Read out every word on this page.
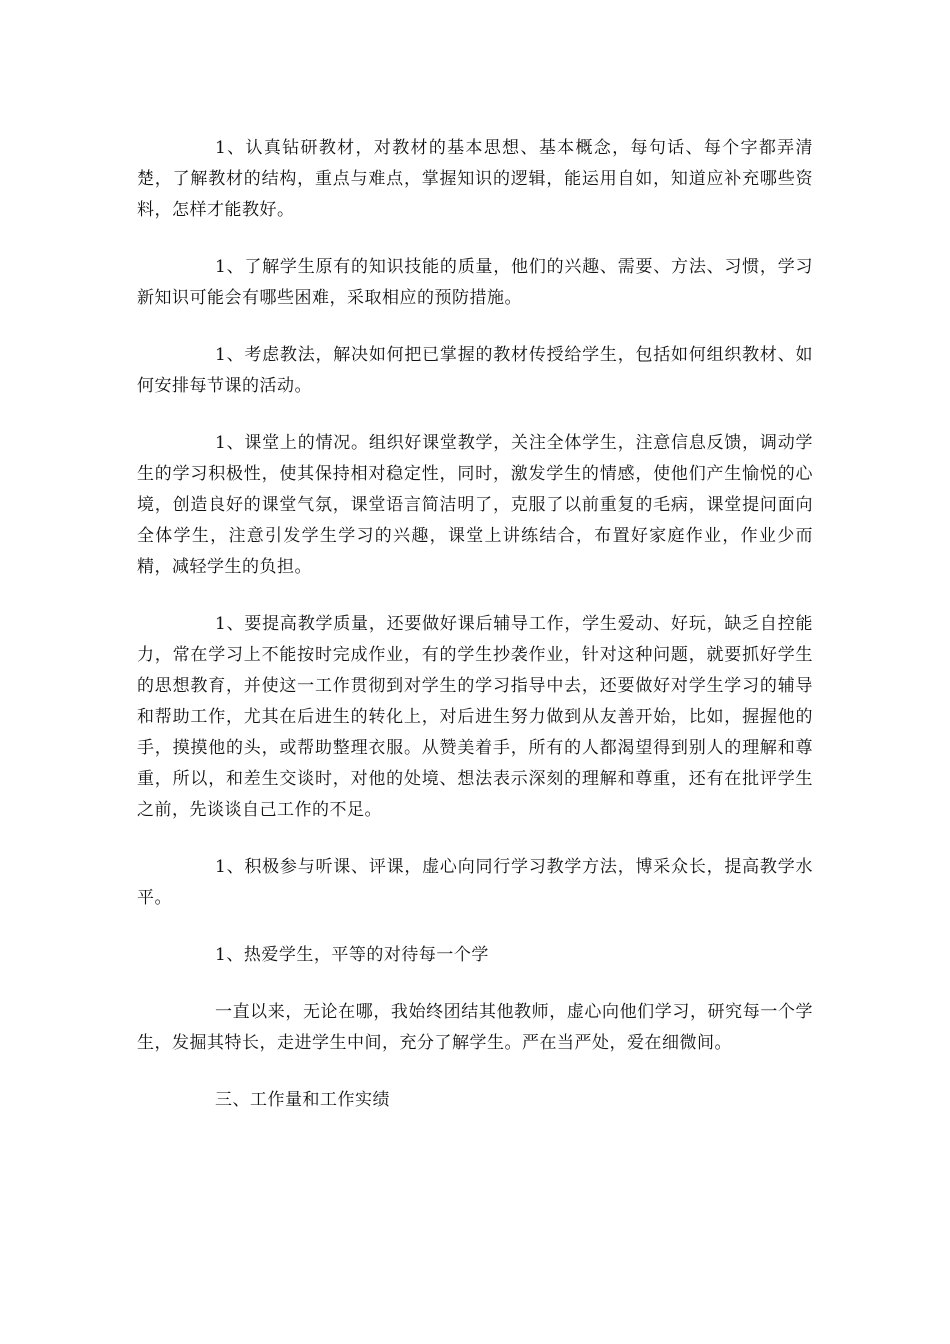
1、认真钻研教材，对教材的基本思想、基本概念，每句话、每个字都弄清楚，了解教材的结构，重点与难点，掌握知识的逻辑，能运用自如，知道应补充哪些资料，怎样才能教好。

1、了解学生原有的知识技能的质量，他们的兴趣、需要、方法、习惯，学习新知识可能会有哪些困难，采取相应的预防措施。

1、考虑教法，解决如何把已掌握的教材传授给学生，包括如何组织教材、如何安排每节课的活动。

1、课堂上的情况。组织好课堂教学，关注全体学生，注意信息反馈，调动学生的学习积极性，使其保持相对稳定性，同时，激发学生的情感，使他们产生愉悦的心境，创造良好的课堂气氛，课堂语言简洁明了，克服了以前重复的毛病，课堂提问面向全体学生，注意引发学生学习的兴趣，课堂上讲练结合，布置好家庭作业，作业少而精，减轻学生的负担。

1、要提高教学质量，还要做好课后辅导工作，学生爱动、好玩，缺乏自控能力，常在学习上不能按时完成作业，有的学生抄袭作业，针对这种问题，就要抓好学生的思想教育，并使这一工作贯彻到对学生的学习指导中去，还要做好对学生学习的辅导和帮助工作，尤其在后进生的转化上，对后进生努力做到从友善开始，比如，握握他的手，摸摸他的头，或帮助整理衣服。从赞美着手，所有的人都渴望得到别人的理解和尊重，所以，和差生交谈时，对他的处境、想法表示深刻的理解和尊重，还有在批评学生之前，先谈谈自己工作的不足。

1、积极参与听课、评课，虚心向同行学习教学方法，博采众长，提高教学水平。

1、热爱学生，平等的对待每一个学

一直以来，无论在哪，我始终团结其他教师，虚心向他们学习，研究每一个学生，发掘其特长，走进学生中间，充分了解学生。严在当严处，爱在细微间。

三、工作量和工作实绩
